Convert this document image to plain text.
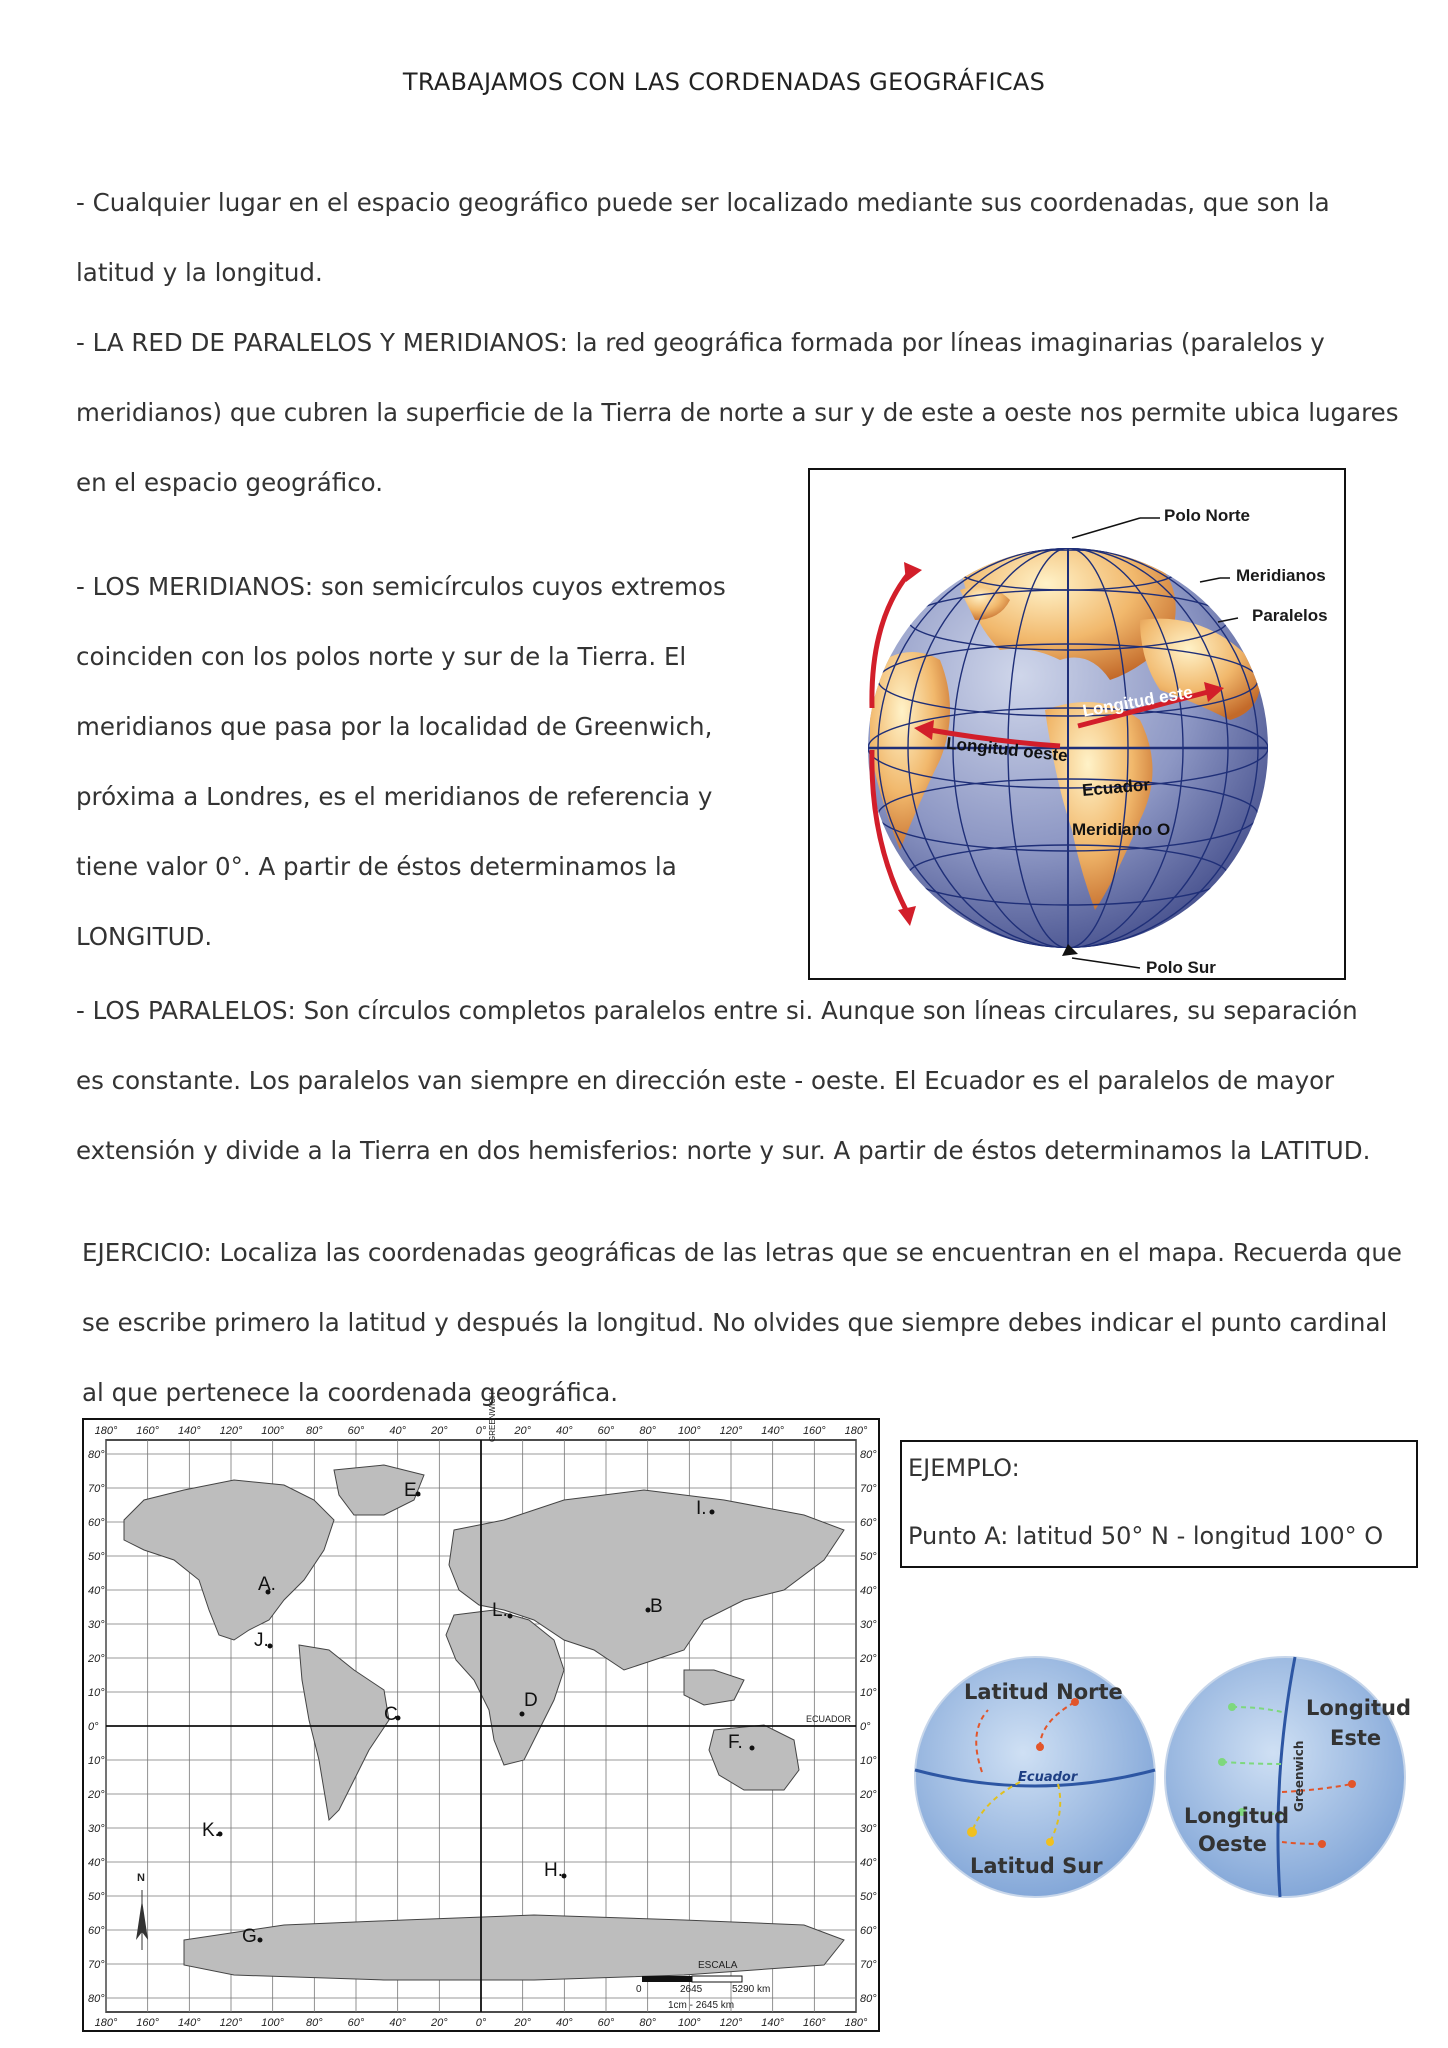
TRABAJAMOS CON LAS CORDENADAS GEOGRÁFICAS
- Cualquier lugar en el espacio geográfico puede ser localizado mediante sus coordenadas, que son la
latitud y la longitud.
- LA RED DE PARALELOS Y MERIDIANOS: la red geográfica formada por líneas imaginarias (paralelos y
meridianos) que cubren la superficie de la Tierra de norte a sur y de este a oeste nos permite ubica lugares
en el espacio geográfico.
- LOS MERIDIANOS: son semicírculos cuyos extremos
coinciden con los polos norte y sur de la Tierra. El
meridianos que pasa por la localidad de Greenwich,
próxima a Londres, es el meridianos de referencia y
tiene valor 0°. A partir de éstos determinamos la
LONGITUD.
Polo Norte
Meridianos
Paralelos
Latitud norte
Latitud sur
Longitud este
Longitud oeste
Ecuador
Meridiano O
Polo Sur
- LOS PARALELOS: Son círculos completos paralelos entre si. Aunque son líneas circulares, su separación
es constante. Los paralelos van siempre en dirección este - oeste. El Ecuador es el paralelos de mayor
extensión y divide a la Tierra en dos hemisferios: norte y sur. A partir de éstos determinamos la LATITUD.
EJERCICIO: Localiza las coordenadas geográficas de las letras que se encuentran en el mapa. Recuerda que
se escribe primero la latitud y después la longitud. No olvides que siempre debes indicar el punto cardinal
al que pertenece la coordenada geográfica.
180°
180°
160°
160°
140°
140°
120°
120°
100°
100°
80°
80°
60°
60°
40°
40°
20°
20°
0°
0°
20°
20°
40°
40°
60°
60°
80°
80°
100°
100°
120°
120°
140°
140°
160°
160°
180°
180°
80°	80°
70°	70°
60°	60°
50°	50°
40°	40°
30°	30°
20°	20°
10°	10°
0°	0°
10°	10°
20°	20°
30°	30°
40°	40°
50°	50°
60°	60°
70°	70°
80°	80°
GREENWICH
ECUADOR
ESCALA
0	2645	5290 km
1cm - 2645 km
N
A.
B
C
D
E.
F.
G.
H.
I.
J.
K.
L.
EJEMPLO:
Punto A: latitud 50° N - longitud 100° O
Latitud Norte
Ecuador
Latitud Sur
Longitud
Este
Longitud
Oeste
Greenwich
